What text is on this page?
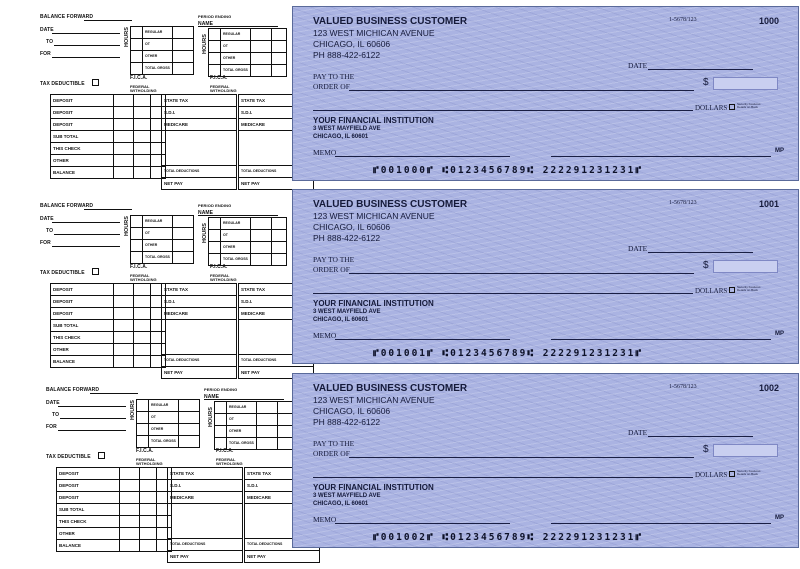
BALANCE FORWARD
DATE
TO
FOR
HOURS
		REGULAR	
	OT	
	OTHER	
	TOTAL GROSS	
F.I.C.A.
FEDERAL WITHOLDING
PERIOD ENDING
NAME
HOURS
	REGULAR		
	OT		
	OTHER		
	TOTAL GROSS		
F.I.C.A.
FEDERAL WITHOLDING
TAX DEDUCTIBLE
DEPOSIT			
DEPOSIT			
DEPOSIT			
SUB TOTAL			
THIS CHECK			
OTHER			
BALANCE			
STATE TAX
S.D.I.
MEDICARE

TOTAL DEDUCTIONS
NET PAY
STATE TAX
S.D.I.
MEDICARE

TOTAL DEDUCTIONS
NET PAY
BALANCE FORWARD
DATE
TO
FOR
HOURS
		REGULAR	
	OT	
	OTHER	
	TOTAL GROSS	
F.I.C.A.
FEDERAL WITHOLDING
PERIOD ENDING
NAME
HOURS
	REGULAR		
	OT		
	OTHER		
	TOTAL GROSS		
F.I.C.A.
FEDERAL WITHOLDING
TAX DEDUCTIBLE
DEPOSIT			
DEPOSIT			
DEPOSIT			
SUB TOTAL			
THIS CHECK			
OTHER			
BALANCE			
STATE TAX
S.D.I.
MEDICARE

TOTAL DEDUCTIONS
NET PAY
STATE TAX
S.D.I.
MEDICARE

TOTAL DEDUCTIONS
NET PAY
BALANCE FORWARD
DATE
TO
FOR
HOURS
		REGULAR	
	OT	
	OTHER	
	TOTAL GROSS	
F.I.C.A.
FEDERAL WITHOLDING
PERIOD ENDING
NAME
HOURS
	REGULAR		
	OT		
	OTHER		
	TOTAL GROSS		
F.I.C.A.
FEDERAL WITHOLDING
TAX DEDUCTIBLE
DEPOSIT			
DEPOSIT			
DEPOSIT			
SUB TOTAL			
THIS CHECK			
OTHER			
BALANCE			
STATE TAX
S.D.I.
MEDICARE

TOTAL DEDUCTIONS
NET PAY
STATE TAX
S.D.I.
MEDICARE

TOTAL DEDUCTIONS
NET PAY
VALUED BUSINESS CUSTOMER
123 WEST MICHICAN AVENUE
CHICAGO, IL 60606
PH 888-422-6122
1-5678/123	1000
DATE
PAY TO THE
ORDER OF	$
DOLLARS	Security Features Details on Back
YOUR FINANCIAL INSTITUTION
3 WEST MAYFIELD AVE
CHICAGO, IL 60601
MEMO	MP
⑈001000⑈ ⑆0123456789⑆ 222291231231⑈
VALUED BUSINESS CUSTOMER
123 WEST MICHICAN AVENUE
CHICAGO, IL 60606
PH 888-422-6122
1-5678/123	1001
DATE
PAY TO THE
ORDER OF	$
DOLLARS	Security Features Details on Back
YOUR FINANCIAL INSTITUTION
3 WEST MAYFIELD AVE
CHICAGO, IL 60601
MEMO	MP
⑈001001⑈ ⑆0123456789⑆ 222291231231⑈
VALUED BUSINESS CUSTOMER
123 WEST MICHICAN AVENUE
CHICAGO, IL 60606
PH 888-422-6122
1-5678/123	1002
DATE
PAY TO THE
ORDER OF	$
DOLLARS	Security Features Details on Back
YOUR FINANCIAL INSTITUTION
3 WEST MAYFIELD AVE
CHICAGO, IL 60601
MEMO	MP
⑈001002⑈ ⑆0123456789⑆ 222291231231⑈
